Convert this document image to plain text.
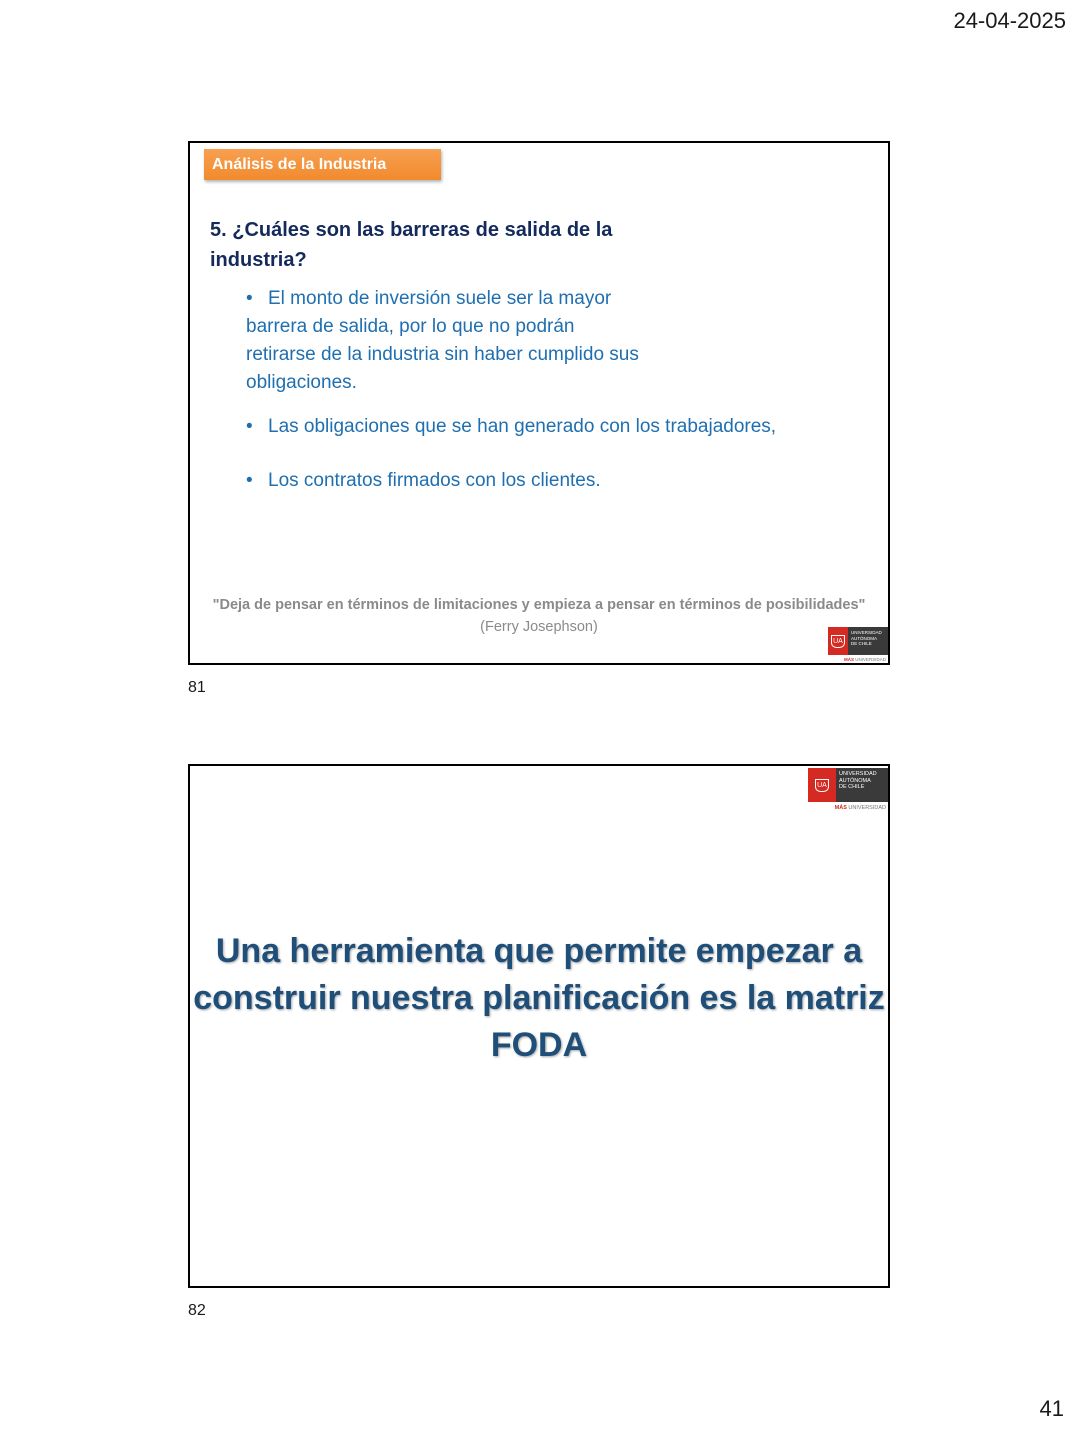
24-04-2025
Análisis de la Industria
5. ¿Cuáles son las barreras de salida de la industria?
• El monto de inversión suele ser la mayor barrera de salida, por lo que no podrán retirarse de la industria sin haber cumplido sus obligaciones.
• Las obligaciones que se han generado con los trabajadores,
• Los contratos firmados con los clientes.
"Deja de pensar en términos de limitaciones y empieza a pensar en términos de posibilidades"
(Ferry Josephson)
UA
UNIVERSIDAD
AUTÓNOMA
DE CHILE
MÁS UNIVERSIDAD
81
UA
UNIVERSIDAD
AUTÓNOMA
DE CHILE
MÁS UNIVERSIDAD
Una herramienta que permite empezar a construir nuestra planificación es la matriz FODA
82
41
